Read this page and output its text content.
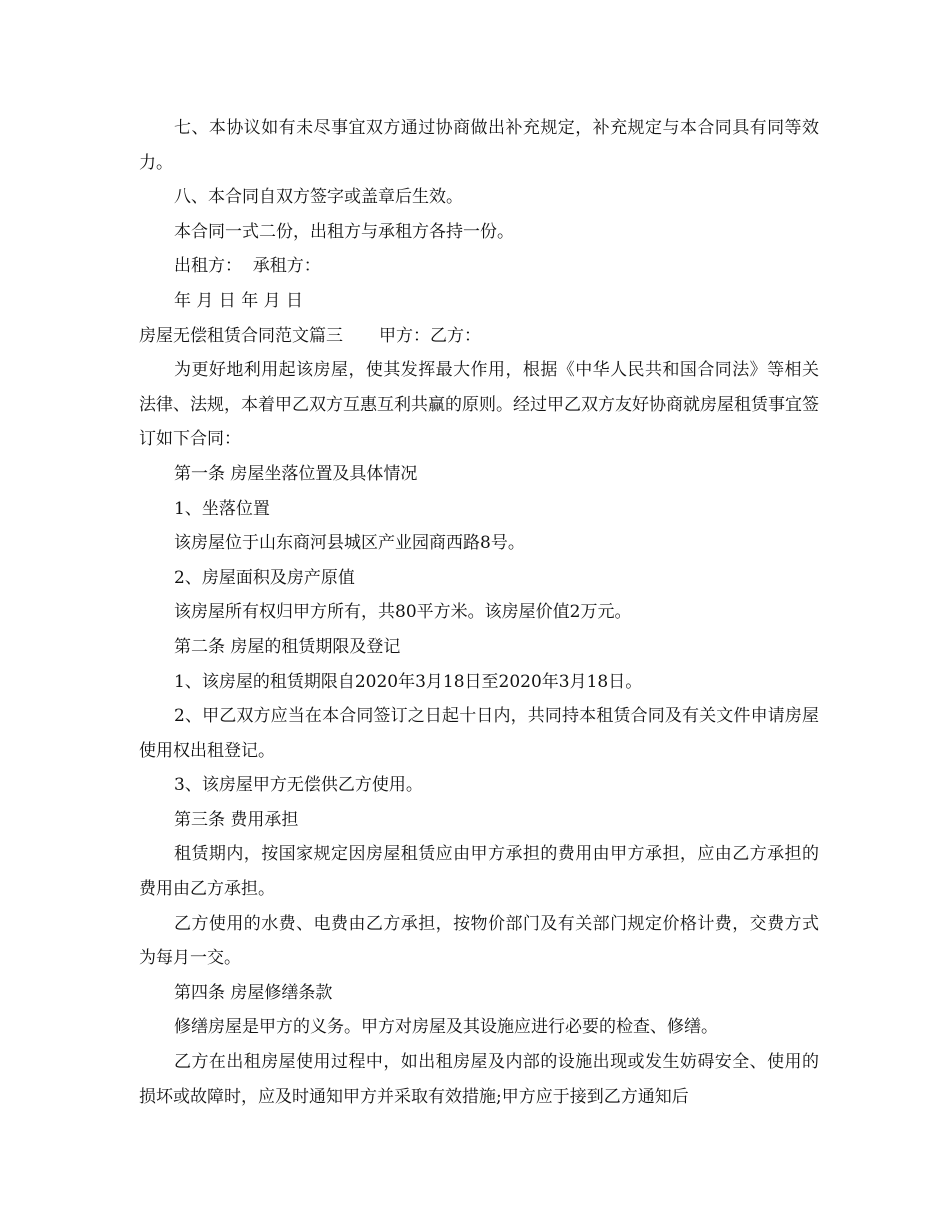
七、本协议如有未尽事宜双方通过协商做出补充规定，补充规定与本合同具有同等效力。

八、本合同自双方签字或盖章后生效。

本合同一式二份，出租方与承租方各持一份。

出租方：  承租方：

年 月 日 年 月 日

房屋无偿租赁合同范文篇三 甲方：乙方：

为更好地利用起该房屋，使其发挥最大作用，根据《中华人民共和国合同法》等相关法律、法规，本着甲乙双方互惠互利共赢的原则。经过甲乙双方友好协商就房屋租赁事宜签订如下合同：

第一条 房屋坐落位置及具体情况

1、坐落位置

该房屋位于山东商河县城区产业园商西路8号。

2、房屋面积及房产原值

该房屋所有权归甲方所有，共80平方米。该房屋价值2万元。

第二条 房屋的租赁期限及登记

1、该房屋的租赁期限自2020年3月18日至2020年3月18日。

2、甲乙双方应当在本合同签订之日起十日内，共同持本租赁合同及有关文件申请房屋使用权出租登记。

3、该房屋甲方无偿供乙方使用。

第三条 费用承担

租赁期内，按国家规定因房屋租赁应由甲方承担的费用由甲方承担，应由乙方承担的费用由乙方承担。

乙方使用的水费、电费由乙方承担，按物价部门及有关部门规定价格计费，交费方式为每月一交。

第四条 房屋修缮条款

修缮房屋是甲方的义务。甲方对房屋及其设施应进行必要的检查、修缮。

乙方在出租房屋使用过程中，如出租房屋及内部的设施出现或发生妨碍安全、使用的损坏或故障时，应及时通知甲方并采取有效措施;甲方应于接到乙方通知后
